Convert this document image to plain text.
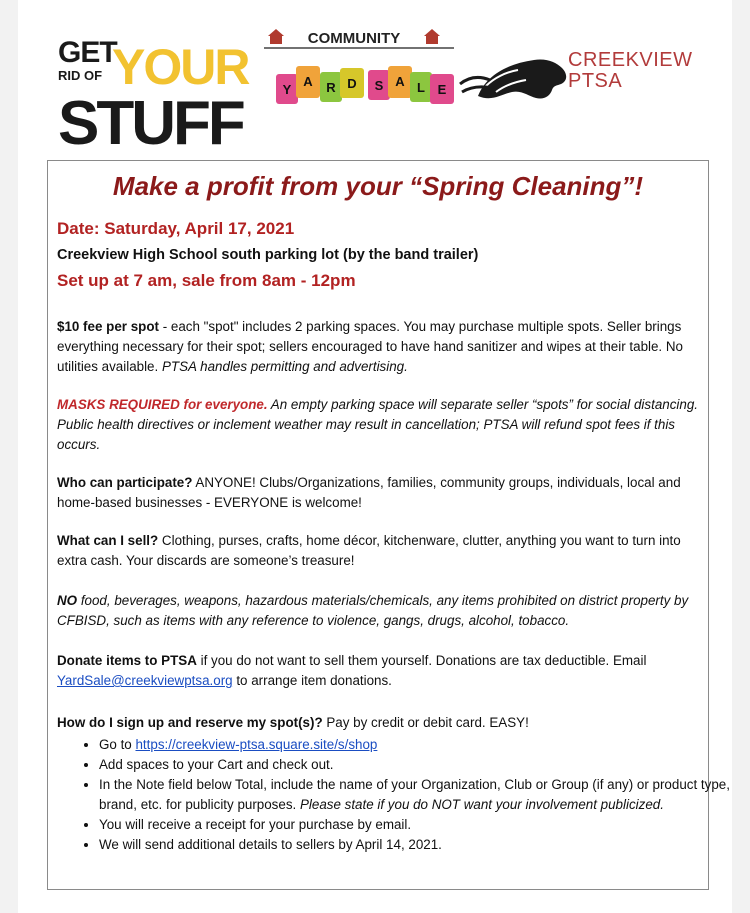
GET
RID OF YOUR
STUFF
COMMUNITY
Y
A R D S A L E
CREEKVIEW
PTSA
Make a profit from your “Spring Cleaning”!
Date: Saturday, April 17, 2021
Creekview High School south parking lot (by the band trailer)
Set up at 7 am, sale from 8am - 12pm
$10 fee per spot - each "spot" includes 2 parking spaces. You may purchase multiple spots. Seller brings everything necessary for their spot; sellers encouraged to have hand sanitizer and wipes at their table. No utilities available. PTSA handles permitting and advertising.
MASKS REQUIRED for everyone. An empty parking space will separate seller “spots” for social distancing. Public health directives or inclement weather may result in cancellation; PTSA will refund spot fees if this occurs.
Who can participate? ANYONE! Clubs/Organizations, families, community groups, individuals, local and home-based businesses - EVERYONE is welcome!
What can I sell? Clothing, purses, crafts, home décor, kitchenware, clutter, anything you want to turn into extra cash. Your discards are someone’s treasure!
NO food, beverages, weapons, hazardous materials/chemicals, any items prohibited on district property by CFBISD, such as items with any reference to violence, gangs, drugs, alcohol, tobacco.
Donate items to PTSA if you do not want to sell them yourself. Donations are tax deductible. Email YardSale@creekviewptsa.org to arrange item donations.
How do I sign up and reserve my spot(s)? Pay by credit or debit card. EASY!
• Go to https://creekview-ptsa.square.site/s/shop
• Add spaces to your Cart and check out.
• In the Note field below Total, include the name of your Organization, Club or Group (if any) or product type, brand, etc. for publicity purposes. Please state if you do NOT want your involvement publicized.
• You will receive a receipt for your purchase by email.
• We will send additional details to sellers by April 14, 2021.
